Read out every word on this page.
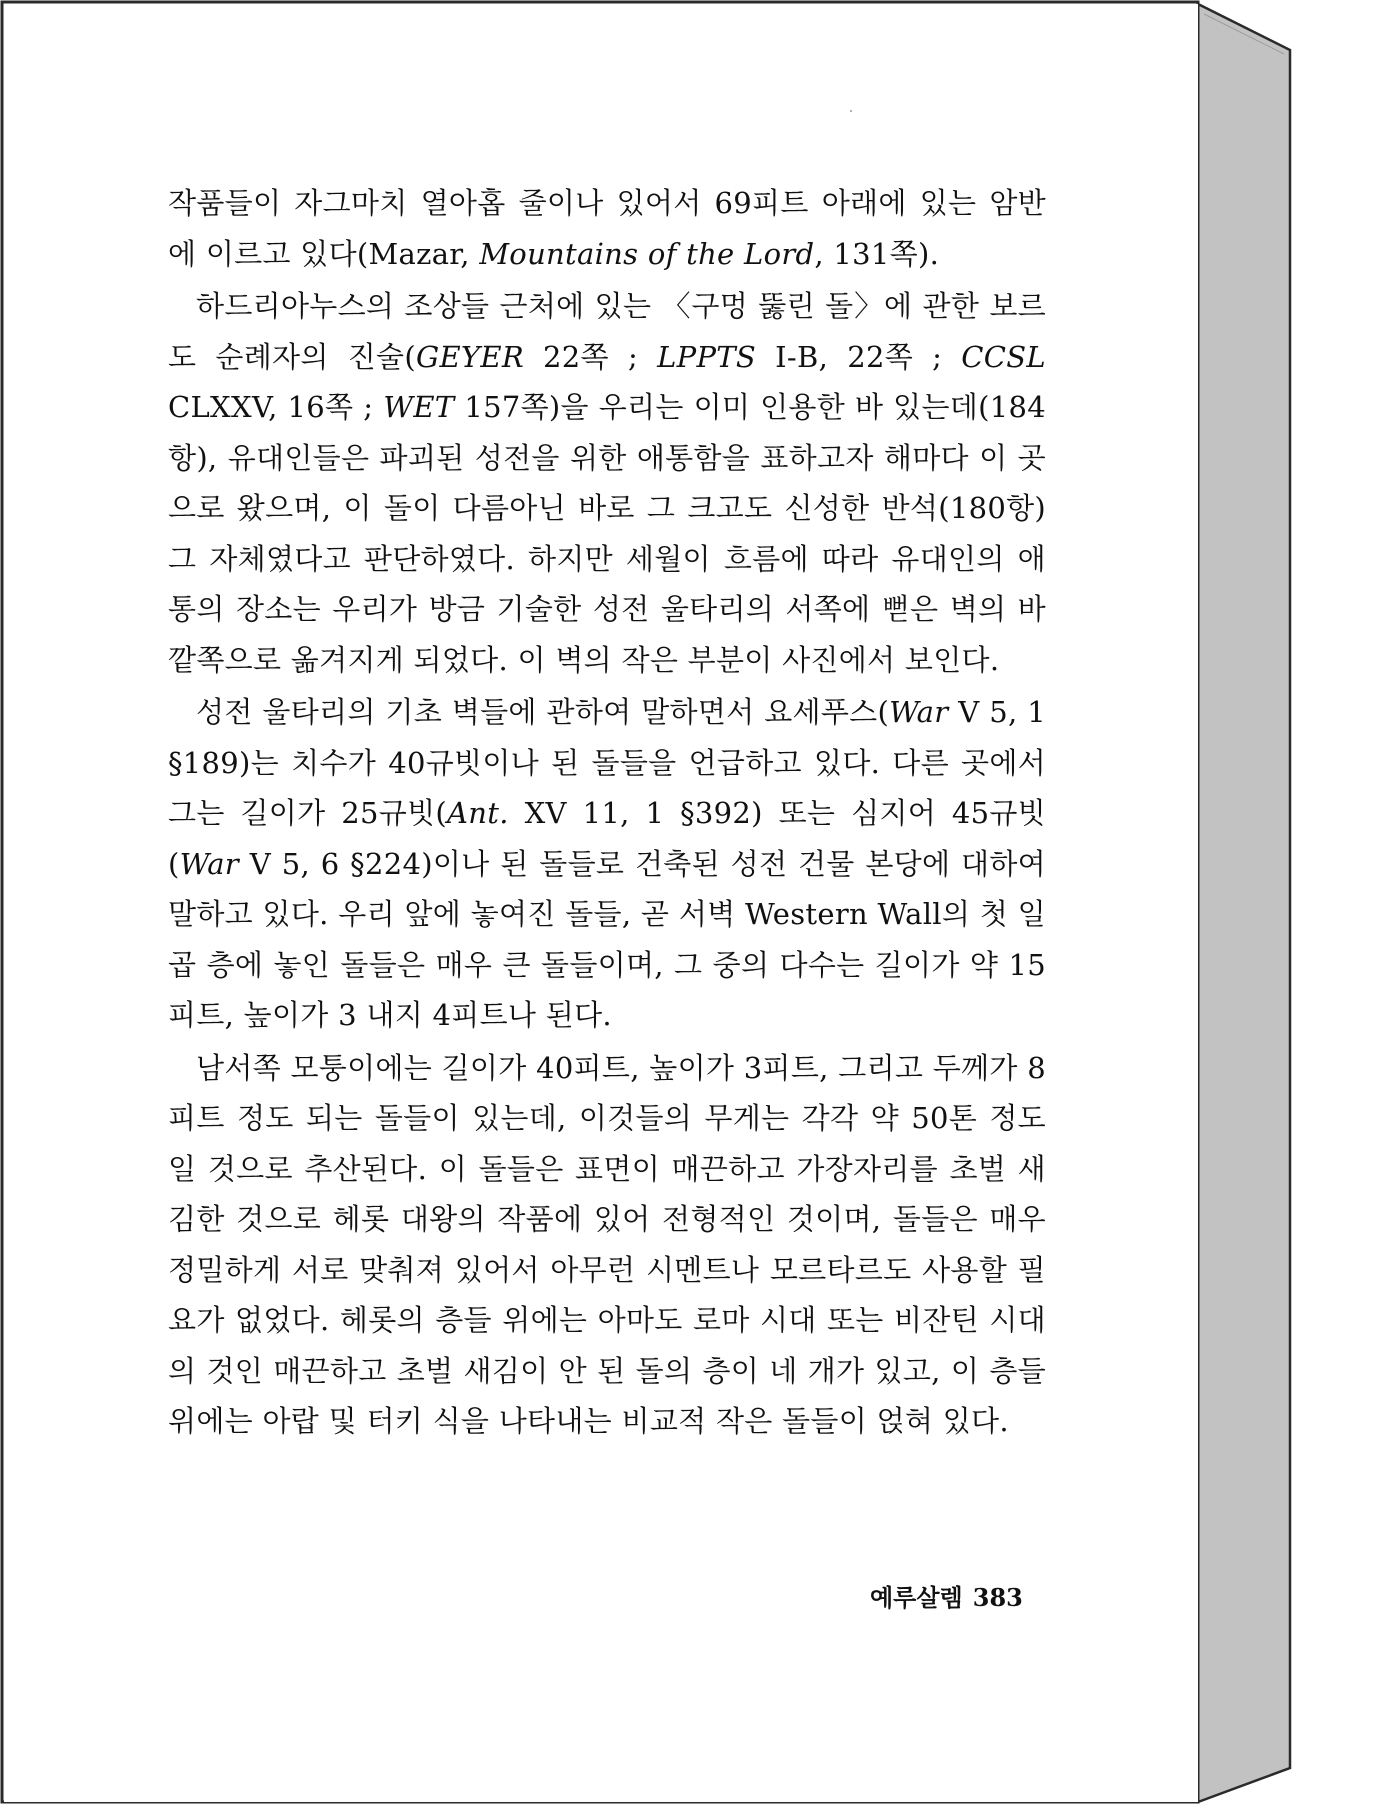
작품들이 자그마치 열아홉 줄이나 있어서 69피트 아래에 있는 암반에 이르고 있다(Mazar, Mountains of the Lord, 131쪽).

하드리아누스의 조상들 근처에 있는 〈구멍 뚫린 돌〉에 관한 보르도 순례자의 진술(GEYER 22쪽 ; LPPTS I-B, 22쪽 ; CCSL CLXXV, 16쪽 ; WET 157쪽)을 우리는 이미 인용한 바 있는데(184항), 유대인들은 파괴된 성전을 위한 애통함을 표하고자 해마다 이 곳으로 왔으며, 이 돌이 다름아닌 바로 그 크고도 신성한 반석(180항) 그 자체였다고 판단하였다. 하지만 세월이 흐름에 따라 유대인의 애통의 장소는 우리가 방금 기술한 성전 울타리의 서쪽에 뻗은 벽의 바깥쪽으로 옮겨지게 되었다. 이 벽의 작은 부분이 사진에서 보인다.

성전 울타리의 기초 벽들에 관하여 말하면서 요세푸스(War V 5, 1 §189)는 치수가 40규빗이나 된 돌들을 언급하고 있다. 다른 곳에서 그는 길이가 25규빗(Ant. XV 11, 1 §392) 또는 심지어 45규빗(War V 5, 6 §224)이나 된 돌들로 건축된 성전 건물 본당에 대하여 말하고 있다. 우리 앞에 놓여진 돌들, 곧 서벽 Western Wall의 첫 일곱 층에 놓인 돌들은 매우 큰 돌들이며, 그 중의 다수는 길이가 약 15피트, 높이가 3 내지 4피트나 된다.

남서쪽 모퉁이에는 길이가 40피트, 높이가 3피트, 그리고 두께가 8피트 정도 되는 돌들이 있는데, 이것들의 무게는 각각 약 50톤 정도일 것으로 추산된다. 이 돌들은 표면이 매끈하고 가장자리를 초벌 새김한 것으로 헤롯 대왕의 작품에 있어 전형적인 것이며, 돌들은 매우 정밀하게 서로 맞춰져 있어서 아무런 시멘트나 모르타르도 사용할 필요가 없었다. 헤롯의 층들 위에는 아마도 로마 시대 또는 비잔틴 시대의 것인 매끈하고 초벌 새김이 안 된 돌의 층이 네 개가 있고, 이 층들 위에는 아랍 및 터키 식을 나타내는 비교적 작은 돌들이 얹혀 있다.

예루살렘 383
